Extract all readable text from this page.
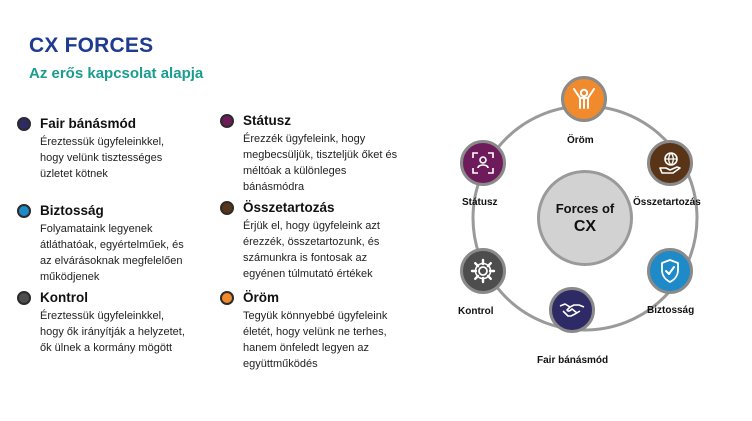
CX FORCES
Az erős kapcsolat alapja
Fair bánásmód
Éreztessük ügyfeleinkkel,
hogy velünk tisztességes
üzletet kötnek
Biztosság
Folyamataink legyenek
átláthatóak, egyértelműek, és
az elvárásoknak megfelelően
működjenek
Kontrol
Éreztessük ügyfeleinkkel,
hogy ők irányítják a helyzetet,
ők ülnek a kormány mögött
Státusz
Érezzék ügyfeleink, hogy
megbecsüljük, tiszteljük őket és
méltóak a különleges
bánásmódra
Összetartozás
Érjük el, hogy ügyfeleink azt
érezzék, összetartozunk, és
számunkra is fontosak az
egyénen túlmutató értékek
Öröm
Tegyük könnyebbé ügyfeleink
életét, hogy velünk ne terhes,
hanem önfeledt legyen az
együttműködés
Forces of
CX
Öröm
Összetartozás
Biztosság
Fair bánásmód
Kontrol
Státusz
